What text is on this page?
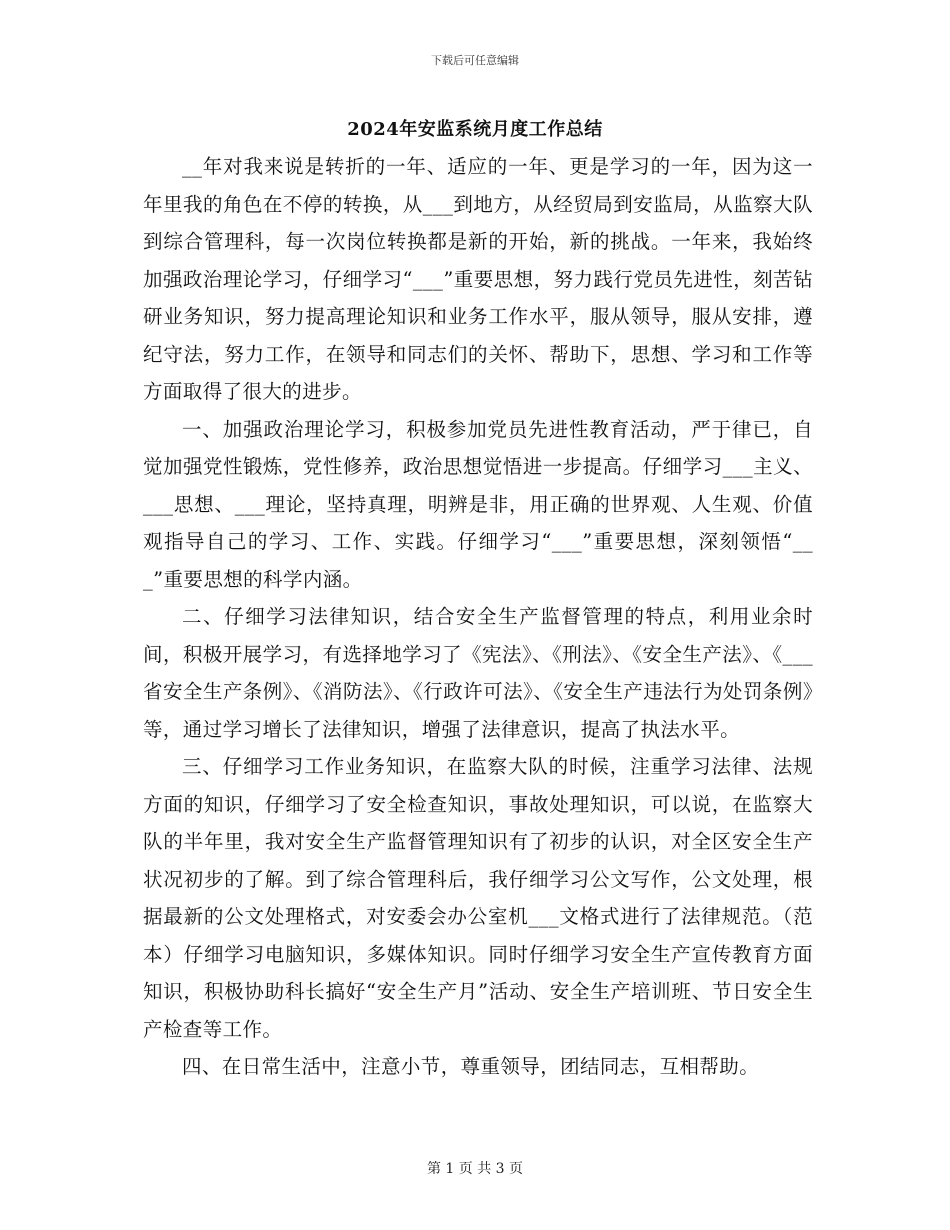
下载后可任意编辑
2024年安监系统月度工作总结

__年对我来说是转折的一年、适应的一年、更是学习的一年，因为这一年里我的角色在不停的转换，从___到地方，从经贸局到安监局，从监察大队到综合管理科，每一次岗位转换都是新的开始，新的挑战。一年来，我始终加强政治理论学习，仔细学习“___”重要思想，努力践行党员先进性，刻苦钻研业务知识，努力提高理论知识和业务工作水平，服从领导，服从安排，遵纪守法，努力工作，在领导和同志们的关怀、帮助下，思想、学习和工作等方面取得了很大的进步。

一、加强政治理论学习，积极参加党员先进性教育活动，严于律已，自觉加强党性锻炼，党性修养，政治思想觉悟进一步提高。仔细学习___主义、___思想、___理论，坚持真理，明辨是非，用正确的世界观、人生观、价值观指导自己的学习、工作、实践。仔细学习“___”重要思想，深刻领悟“___”重要思想的科学内涵。

二、仔细学习法律知识，结合安全生产监督管理的特点，利用业余时间，积极开展学习，有选择地学习了《宪法》、《刑法》、《安全生产法》、《___省安全生产条例》、《消防法》、《行政许可法》、《安全生产违法行为处罚条例》等，通过学习增长了法律知识，增强了法律意识，提高了执法水平。

三、仔细学习工作业务知识，在监察大队的时候，注重学习法律、法规方面的知识，仔细学习了安全检查知识，事故处理知识，可以说，在监察大队的半年里，我对安全生产监督管理知识有了初步的认识，对全区安全生产状况初步的了解。到了综合管理科后，我仔细学习公文写作，公文处理，根据最新的公文处理格式，对安委会办公室机___文格式进行了法律规范。（范本）仔细学习电脑知识，多媒体知识。同时仔细学习安全生产宣传教育方面知识，积极协助科长搞好“安全生产月”活动、安全生产培训班、节日安全生产检查等工作。

四、在日常生活中，注意小节，尊重领导，团结同志，互相帮助。

第 1 页 共 3 页
